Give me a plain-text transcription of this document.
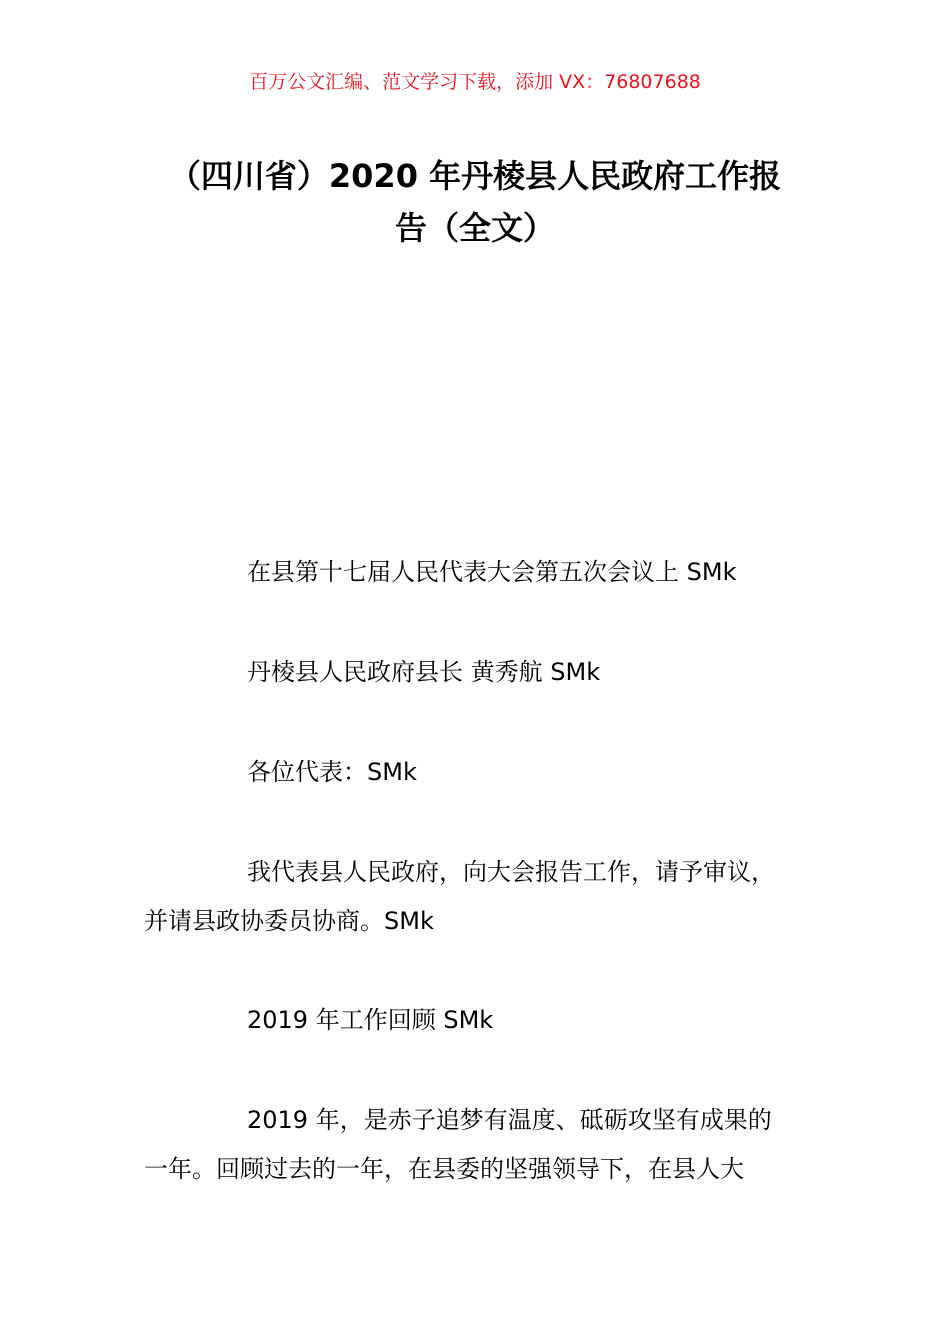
百万公文汇编、范文学习下载，添加 VX：76807688
（四川省）2020 年丹棱县人民政府工作报
告（全文）
在县第十七届人民代表大会第五次会议上 SMk
丹棱县人民政府县长 黄秀航 SMk
各位代表：SMk
我代表县人民政府，向大会报告工作，请予审议，
并请县政协委员协商。SMk
2019 年工作回顾 SMk
2019 年，是赤子追梦有温度、砥砺攻坚有成果的
一年。回顾过去的一年，在县委的坚强领导下，在县人大
